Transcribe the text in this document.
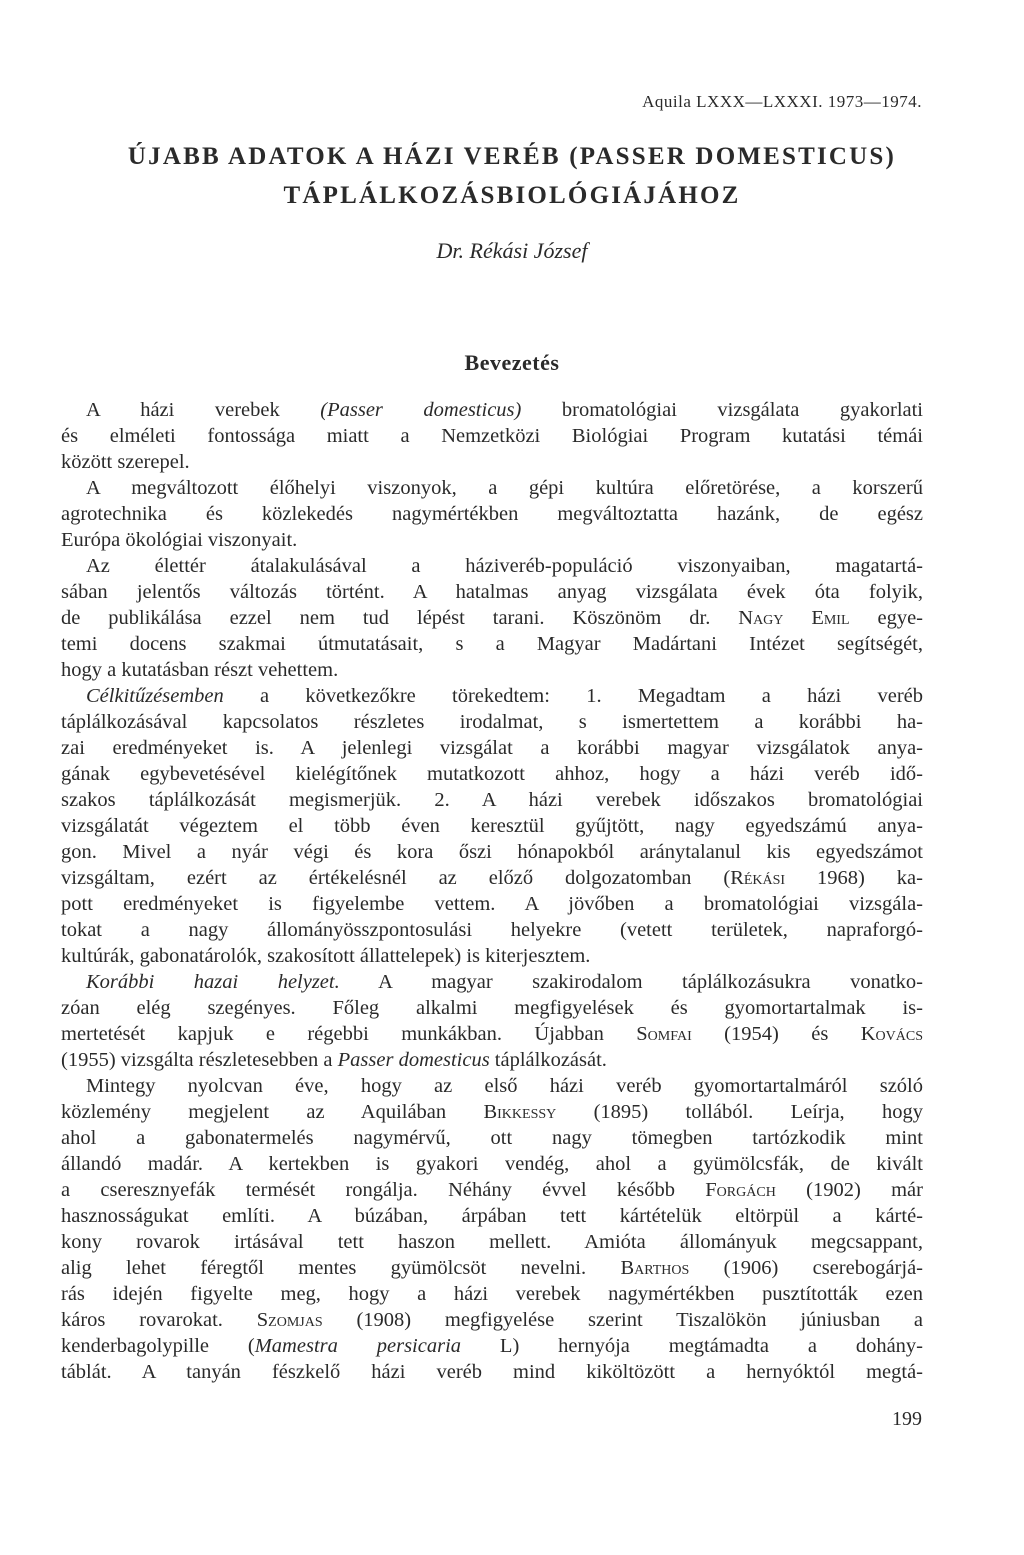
Aquila LXXX—LXXXI. 1973—1974.
ÚJABB ADATOK A HÁZI VERÉB (PASSER DOMESTICUS)
TÁPLÁLKOZÁSBIOLÓGIÁJÁHOZ
Dr. Rékási József
Bevezetés
A házi verebek (Passer domesticus) bromatológiai vizsgálata gyakorlati
és elméleti fontossága miatt a Nemzetközi Biológiai Program kutatási témái
között szerepel.
A megváltozott élőhelyi viszonyok, a gépi kultúra előretörése, a korszerű
agrotechnika és közlekedés nagymértékben megváltoztatta hazánk, de egész
Európa ökológiai viszonyait.
Az élettér átalakulásával a háziveréb-populáció viszonyaiban, magatartá-
sában jelentős változás történt. A hatalmas anyag vizsgálata évek óta folyik,
de publikálása ezzel nem tud lépést tarani. Köszönöm dr. Nagy Emil egye-
temi docens szakmai útmutatásait, s a Magyar Madártani Intézet segítségét,
hogy a kutatásban részt vehettem.
Célkitűzésemben a következőkre törekedtem: 1. Megadtam a házi veréb
táplálkozásával kapcsolatos részletes irodalmat, s ismertettem a korábbi ha-
zai eredményeket is. A jelenlegi vizsgálat a korábbi magyar vizsgálatok anya-
gának egybevetésével kielégítőnek mutatkozott ahhoz, hogy a házi veréb idő-
szakos táplálkozását megismerjük. 2. A házi verebek időszakos bromatológiai
vizsgálatát végeztem el több éven keresztül gyűjtött, nagy egyedszámú anya-
gon. Mivel a nyár végi és kora őszi hónapokból aránytalanul kis egyedszámot
vizsgáltam, ezért az értékelésnél az előző dolgozatomban (Rékási 1968) ka-
pott eredményeket is figyelembe vettem. A jövőben a bromatológiai vizsgála-
tokat a nagy állományösszpontosulási helyekre (vetett területek, napraforgó-
kultúrák, gabonatárolók, szakosított állattelepek) is kiterjesztem.
Korábbi hazai helyzet. A magyar szakirodalom táplálkozásukra vonatko-
zóan elég szegényes. Főleg alkalmi megfigyelések és gyomortartalmak is-
mertetését kapjuk e régebbi munkákban. Újabban Somfai (1954) és Kovács
(1955) vizsgálta részletesebben a Passer domesticus táplálkozását.
Mintegy nyolcvan éve, hogy az első házi veréb gyomortartalmáról szóló
közlemény megjelent az Aquilában Bikkessy (1895) tollából. Leírja, hogy
ahol a gabonatermelés nagymérvű, ott nagy tömegben tartózkodik mint
állandó madár. A kertekben is gyakori vendég, ahol a gyümölcsfák, de kivált
a cseresznyefák termését rongálja. Néhány évvel később Forgách (1902) már
hasznosságukat említi. A búzában, árpában tett kártételük eltörpül a kárté-
kony rovarok irtásával tett haszon mellett. Amióta állományuk megcsappant,
alig lehet féregtől mentes gyümölcsöt nevelni. Barthos (1906) cserebogárjá-
rás idején figyelte meg, hogy a házi verebek nagymértékben pusztították ezen
káros rovarokat. Szomjas (1908) megfigyelése szerint Tiszalökön júniusban a
kenderbagolypille (Mamestra persicaria L) hernyója megtámadta a dohány-
táblát. A tanyán fészkelő házi veréb mind kiköltözött a hernyóktól megtá-
199
